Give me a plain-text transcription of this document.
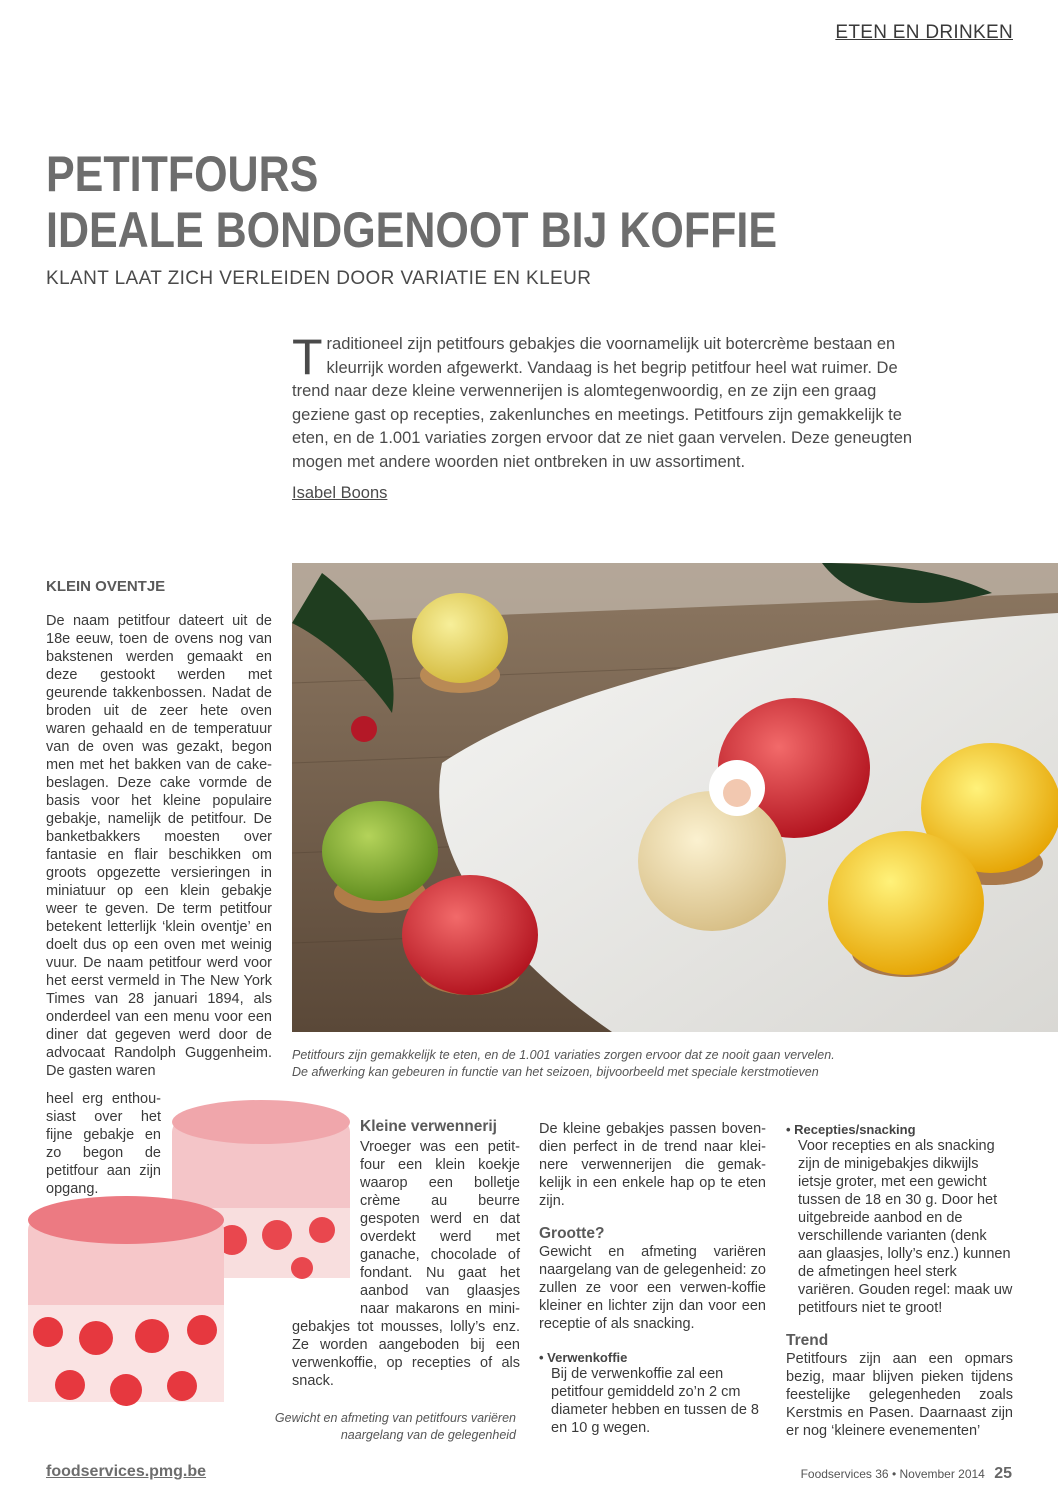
ETEN EN DRINKEN
PETITFOURS
IDEALE BONDGENOOT BIJ KOFFIE
KLANT LAAT ZICH VERLEIDEN DOOR VARIATIE EN KLEUR
T raditioneel zijn petitfours gebakjes die voornamelijk uit botercrème bestaan en kleurrijk worden afgewerkt. Vandaag is het begrip petitfour heel wat ruimer. De trend naar deze kleine verwennerijen is alomtegenwoordig, en ze zijn een graag geziene gast op recepties, zakenlunches en meetings. Petitfours zijn gemakkelijk te eten, en de 1.001 variaties zorgen ervoor dat ze niet gaan vervelen. Deze geneugten mogen met andere woorden niet ontbreken in uw assortiment.
Isabel Boons
Petitfours zijn gemakkelijk te eten, en de 1.001 variaties zorgen ervoor dat ze nooit gaan vervelen.
De afwerking kan gebeuren in functie van het seizoen, bijvoorbeeld met speciale kerstmotieven
KLEIN OVENTJE
De naam petitfour dateert uit de 18e eeuw, toen de ovens nog van bakstenen werden gemaakt en deze gestookt werden met geurende takkenbossen. Nadat de broden uit de zeer hete oven waren gehaald en de temperatuur van de oven was gezakt, begon men met het bakken van de cake-beslagen. Deze cake vormde de basis voor het kleine populaire gebakje, namelijk de petitfour. De banketbakkers moesten over fantasie en flair beschikken om groots opgezette versieringen in miniatuur op een klein gebakje weer te geven. De term petitfour betekent letterlijk ‘klein oventje’ en doelt dus op een oven met weinig vuur. De naam petitfour werd voor het eerst vermeld in The New York Times van 28 januari 1894, als onderdeel van een menu voor een diner dat gegeven werd door de advocaat Randolph Guggenheim. De gasten waren
heel erg enthou-siast over het fijne gebakje en zo begon de petitfour aan zijn opgang.
Gewicht en afmeting van petitfours variëren
naargelang van de gelegenheid
Kleine verwennerij
Vroeger was een petit-four een klein koekje waarop een bolletje crème au beurre gespoten werd en dat overdekt werd met ganache, chocolade of fondant. Nu gaat het aanbod van glaasjes naar makarons en mini-gebakjes tot mousses, lolly’s enz. Ze worden aangeboden bij een verwenkoffie, op recepties of als snack.
De kleine gebakjes passen boven-dien perfect in de trend naar klei-nere verwennerijen die gemak-kelijk in een enkele hap op te eten zijn.
Grootte?
Gewicht en afmeting variëren naargelang van de gelegenheid: zo zullen ze voor een verwen-koffie kleiner en lichter zijn dan voor een receptie of als snacking.
• Verwenkoffie
Bij de verwenkoffie zal een petitfour gemiddeld zo’n 2 cm diameter hebben en tussen de 8 en 10 g wegen.
• Recepties/snacking
Voor recepties en als snacking zijn de minigebakjes dikwijls ietsje groter, met een gewicht tussen de 18 en 30 g. Door het uitgebreide aanbod en de verschillende varianten (denk aan glaasjes, lolly’s enz.) kunnen de afmetingen heel sterk variëren. Gouden regel: maak uw petitfours niet te groot!
Trend
Petitfours zijn aan een opmars bezig, maar blijven pieken tijdens feestelijke gelegenheden zoals Kerstmis en Pasen. Daarnaast zijn er nog ‘kleinere evenementen’
foodservices.pmg.be	Foodservices 36 • November 2014 25
